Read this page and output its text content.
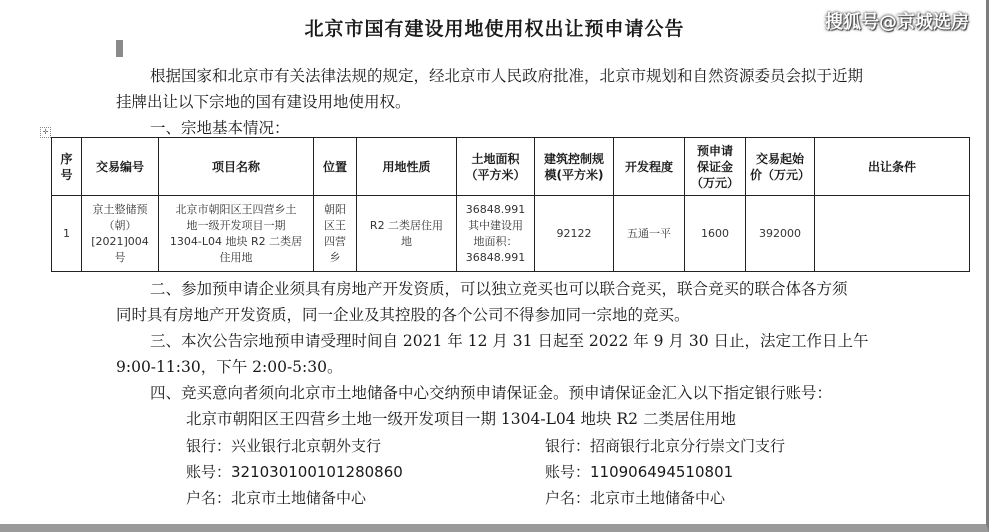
北京市国有建设用地使用权出让预申请公告	搜狐号@京城选房
根据国家和北京市有关法律法规的规定，经北京市人民政府批准，北京市规划和自然资源委员会拟于近期
挂牌出让以下宗地的国有建设用地使用权。
一、宗地基本情况：
✛
序
号	交易编号	项目名称	位置	用地性质	土地面积
（平方米）	建筑控制规
模(平方米)	开发程度	预申请
保证金
（万元）	交易起始
价（万元）	出让条件
1	京土整储预
（朝）
[2021]004
号	北京市朝阳区王四营乡土
地一级开发项目一期
1304-L04 地块 R2 二类居
住用地	朝阳
区王
四营
乡	R2 二类居住用
地	36848.991
其中建设用
地面积：
36848.991	92122	五通一平	1600	392000	
二、参加预申请企业须具有房地产开发资质，可以独立竞买也可以联合竞买，联合竞买的联合体各方须
同时具有房地产开发资质，同一企业及其控股的各个公司不得参加同一宗地的竞买。
三、本次公告宗地预申请受理时间自 2021 年 12 月 31 日起至 2022 年 9 月 30 日止，法定工作日上午
9:00-11:30，下午 2:00-5:30。
四、竞买意向者须向北京市土地储备中心交纳预申请保证金。预申请保证金汇入以下指定银行账号：
北京市朝阳区王四营乡土地一级开发项目一期 1304-L04 地块 R2 二类居住用地
银行：兴业银行北京朝外支行
账号：321030100101280860
户名：北京市土地储备中心
银行：招商银行北京分行崇文门支行
账号：110906494510801
户名：北京市土地储备中心
